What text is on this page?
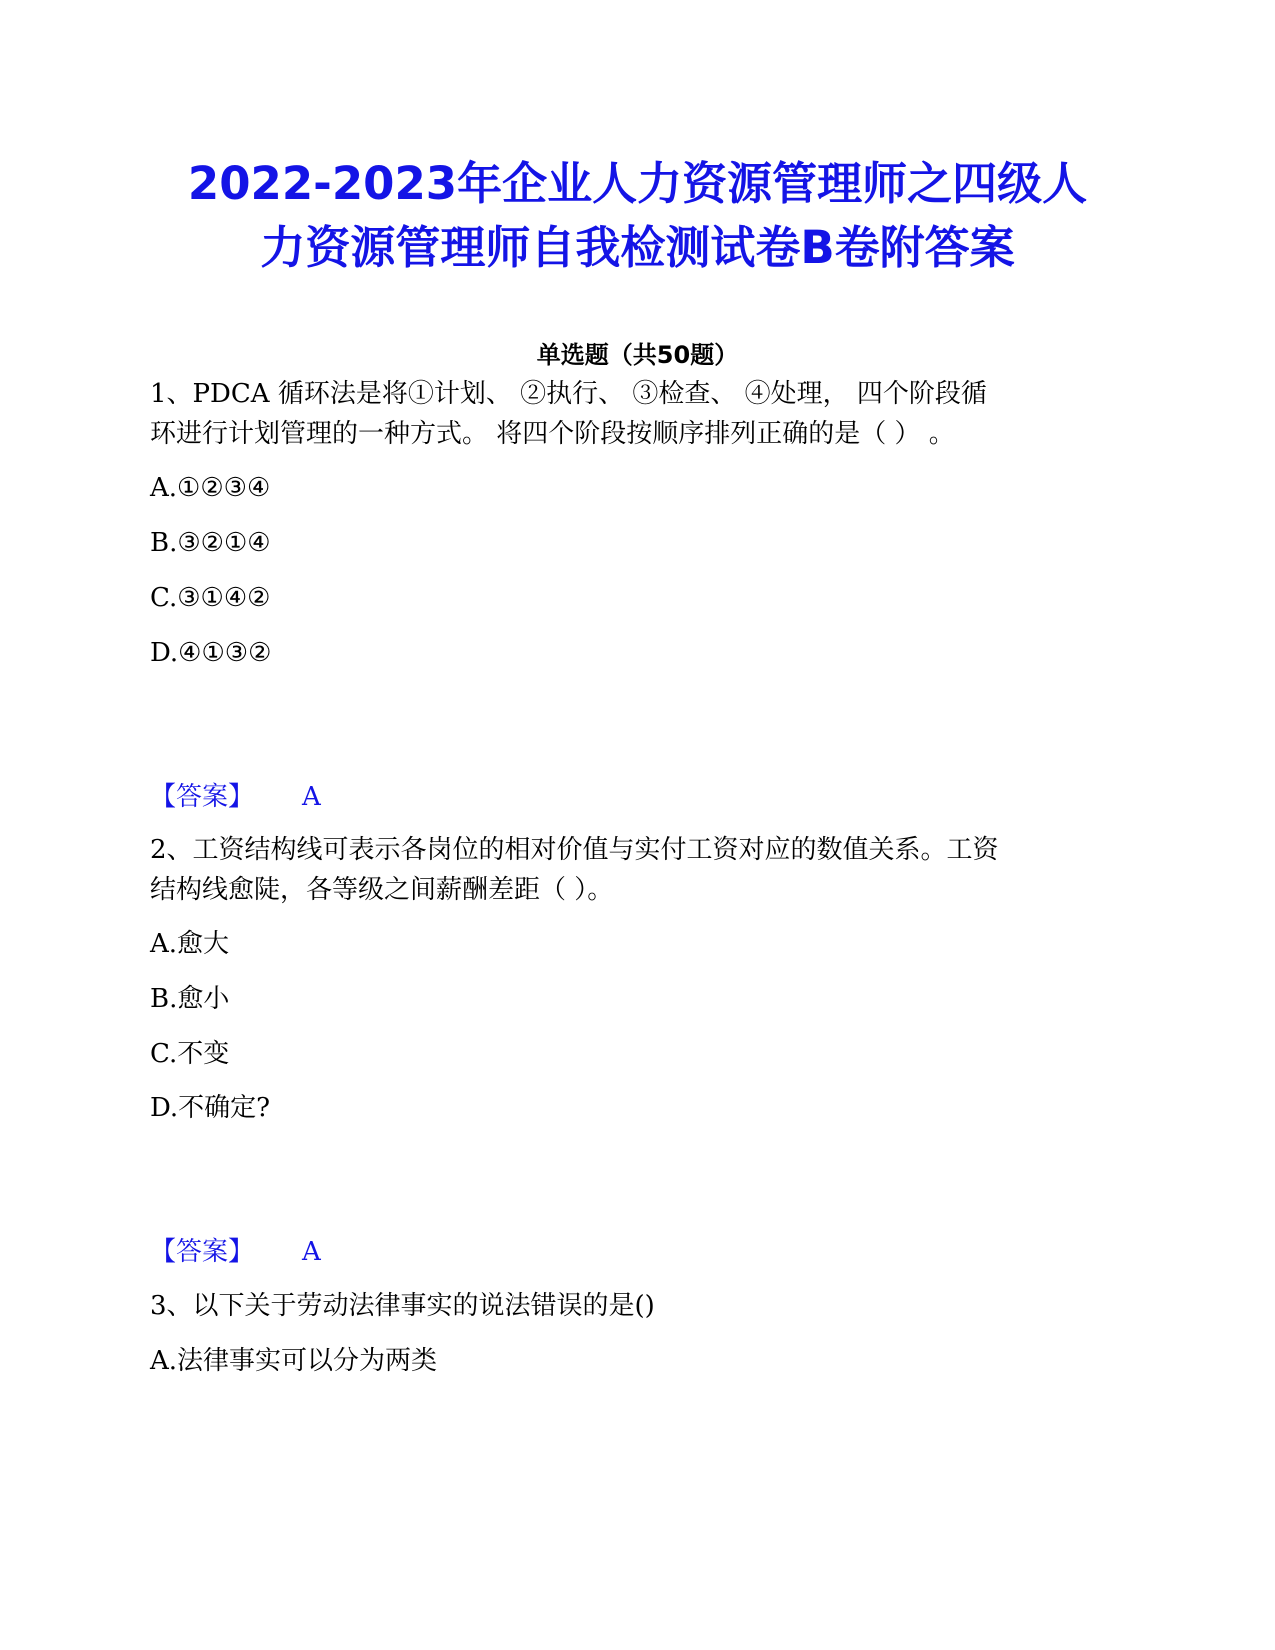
2022-2023年企业人力资源管理师之四级人
力资源管理师自我检测试卷B卷附答案
单选题（共50题）
1、PDCA 循环法是将①计划、 ②执行、 ③检查、 ④处理， 四个阶段循
环进行计划管理的一种方式。 将四个阶段按顺序排列正确的是（ ） 。
A.①②③④
B.③②①④
C.③①④②
D.④①③②
【答案】 A
2、工资结构线可表示各岗位的相对价值与实付工资对应的数值关系。工资
结构线愈陡，各等级之间薪酬差距（ ）。
A.愈大
B.愈小
C.不变
D.不确定?
【答案】 A
3、以下关于劳动法律事实的说法错误的是()
A.法律事实可以分为两类
